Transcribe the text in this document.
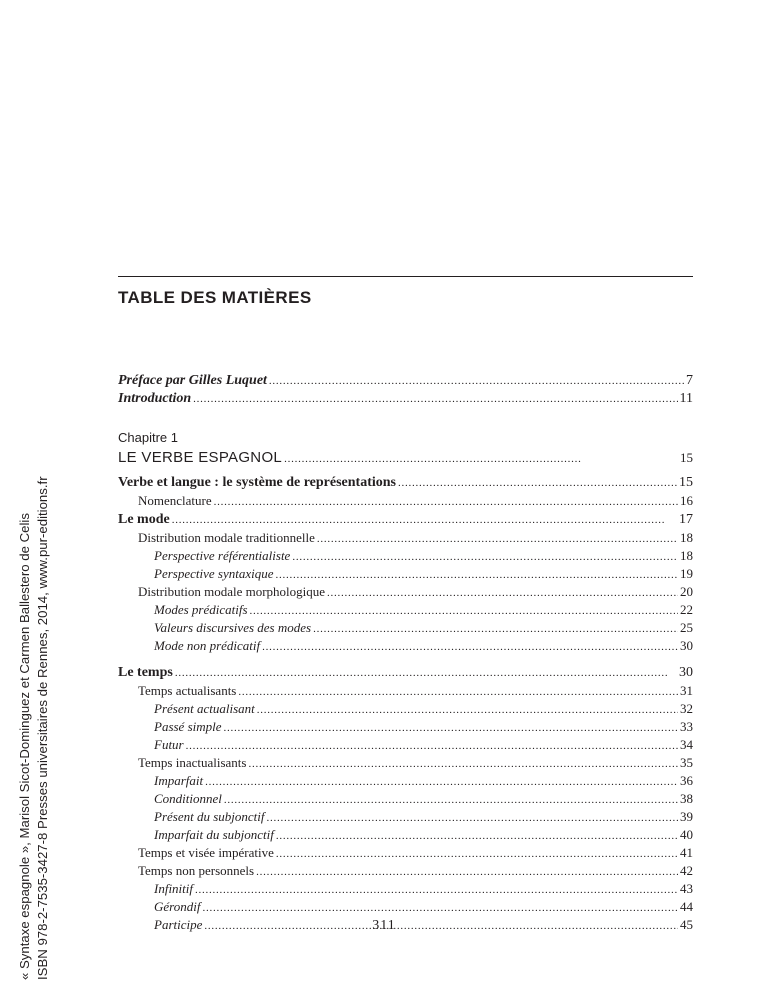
« Syntaxe espagnole », Marisol Sicot-Dominguez et Carmen Ballestero de Celis ISBN 978-2-7535-3427-8 Presses universitaires de Rennes, 2014, www.pur-editions.fr
TABLE DES MATIÈRES
Préface par Gilles Luquet . . .	7
Introduction . . .	11
Chapitre 1
LE VERBE ESPAGNOL . . .	15
Verbe et langue : le système de représentations . . .	15
Nomenclature . . .	16
Le mode . . .	17
Distribution modale traditionnelle . . .	18
Perspective référentialiste . . .	18
Perspective syntaxique . . .	19
Distribution modale morphologique . . .	20
Modes prédicatifs . . .	22
Valeurs discursives des modes . . .	25
Mode non prédicatif . . .	30
Le temps . . .	30
Temps actualisants . . .	31
Présent actualisant . . .	32
Passé simple . . .	33
Futur . . .	34
Temps inactualisants . . .	35
Imparfait . . .	36
Conditionnel . . .	38
Présent du subjonctif . . .	39
Imparfait du subjonctif . . .	40
Temps et visée impérative . . .	41
Temps non personnels . . .	42
Infinitif . . .	43
Gérondif . . .	44
Participe . . .	45
311
